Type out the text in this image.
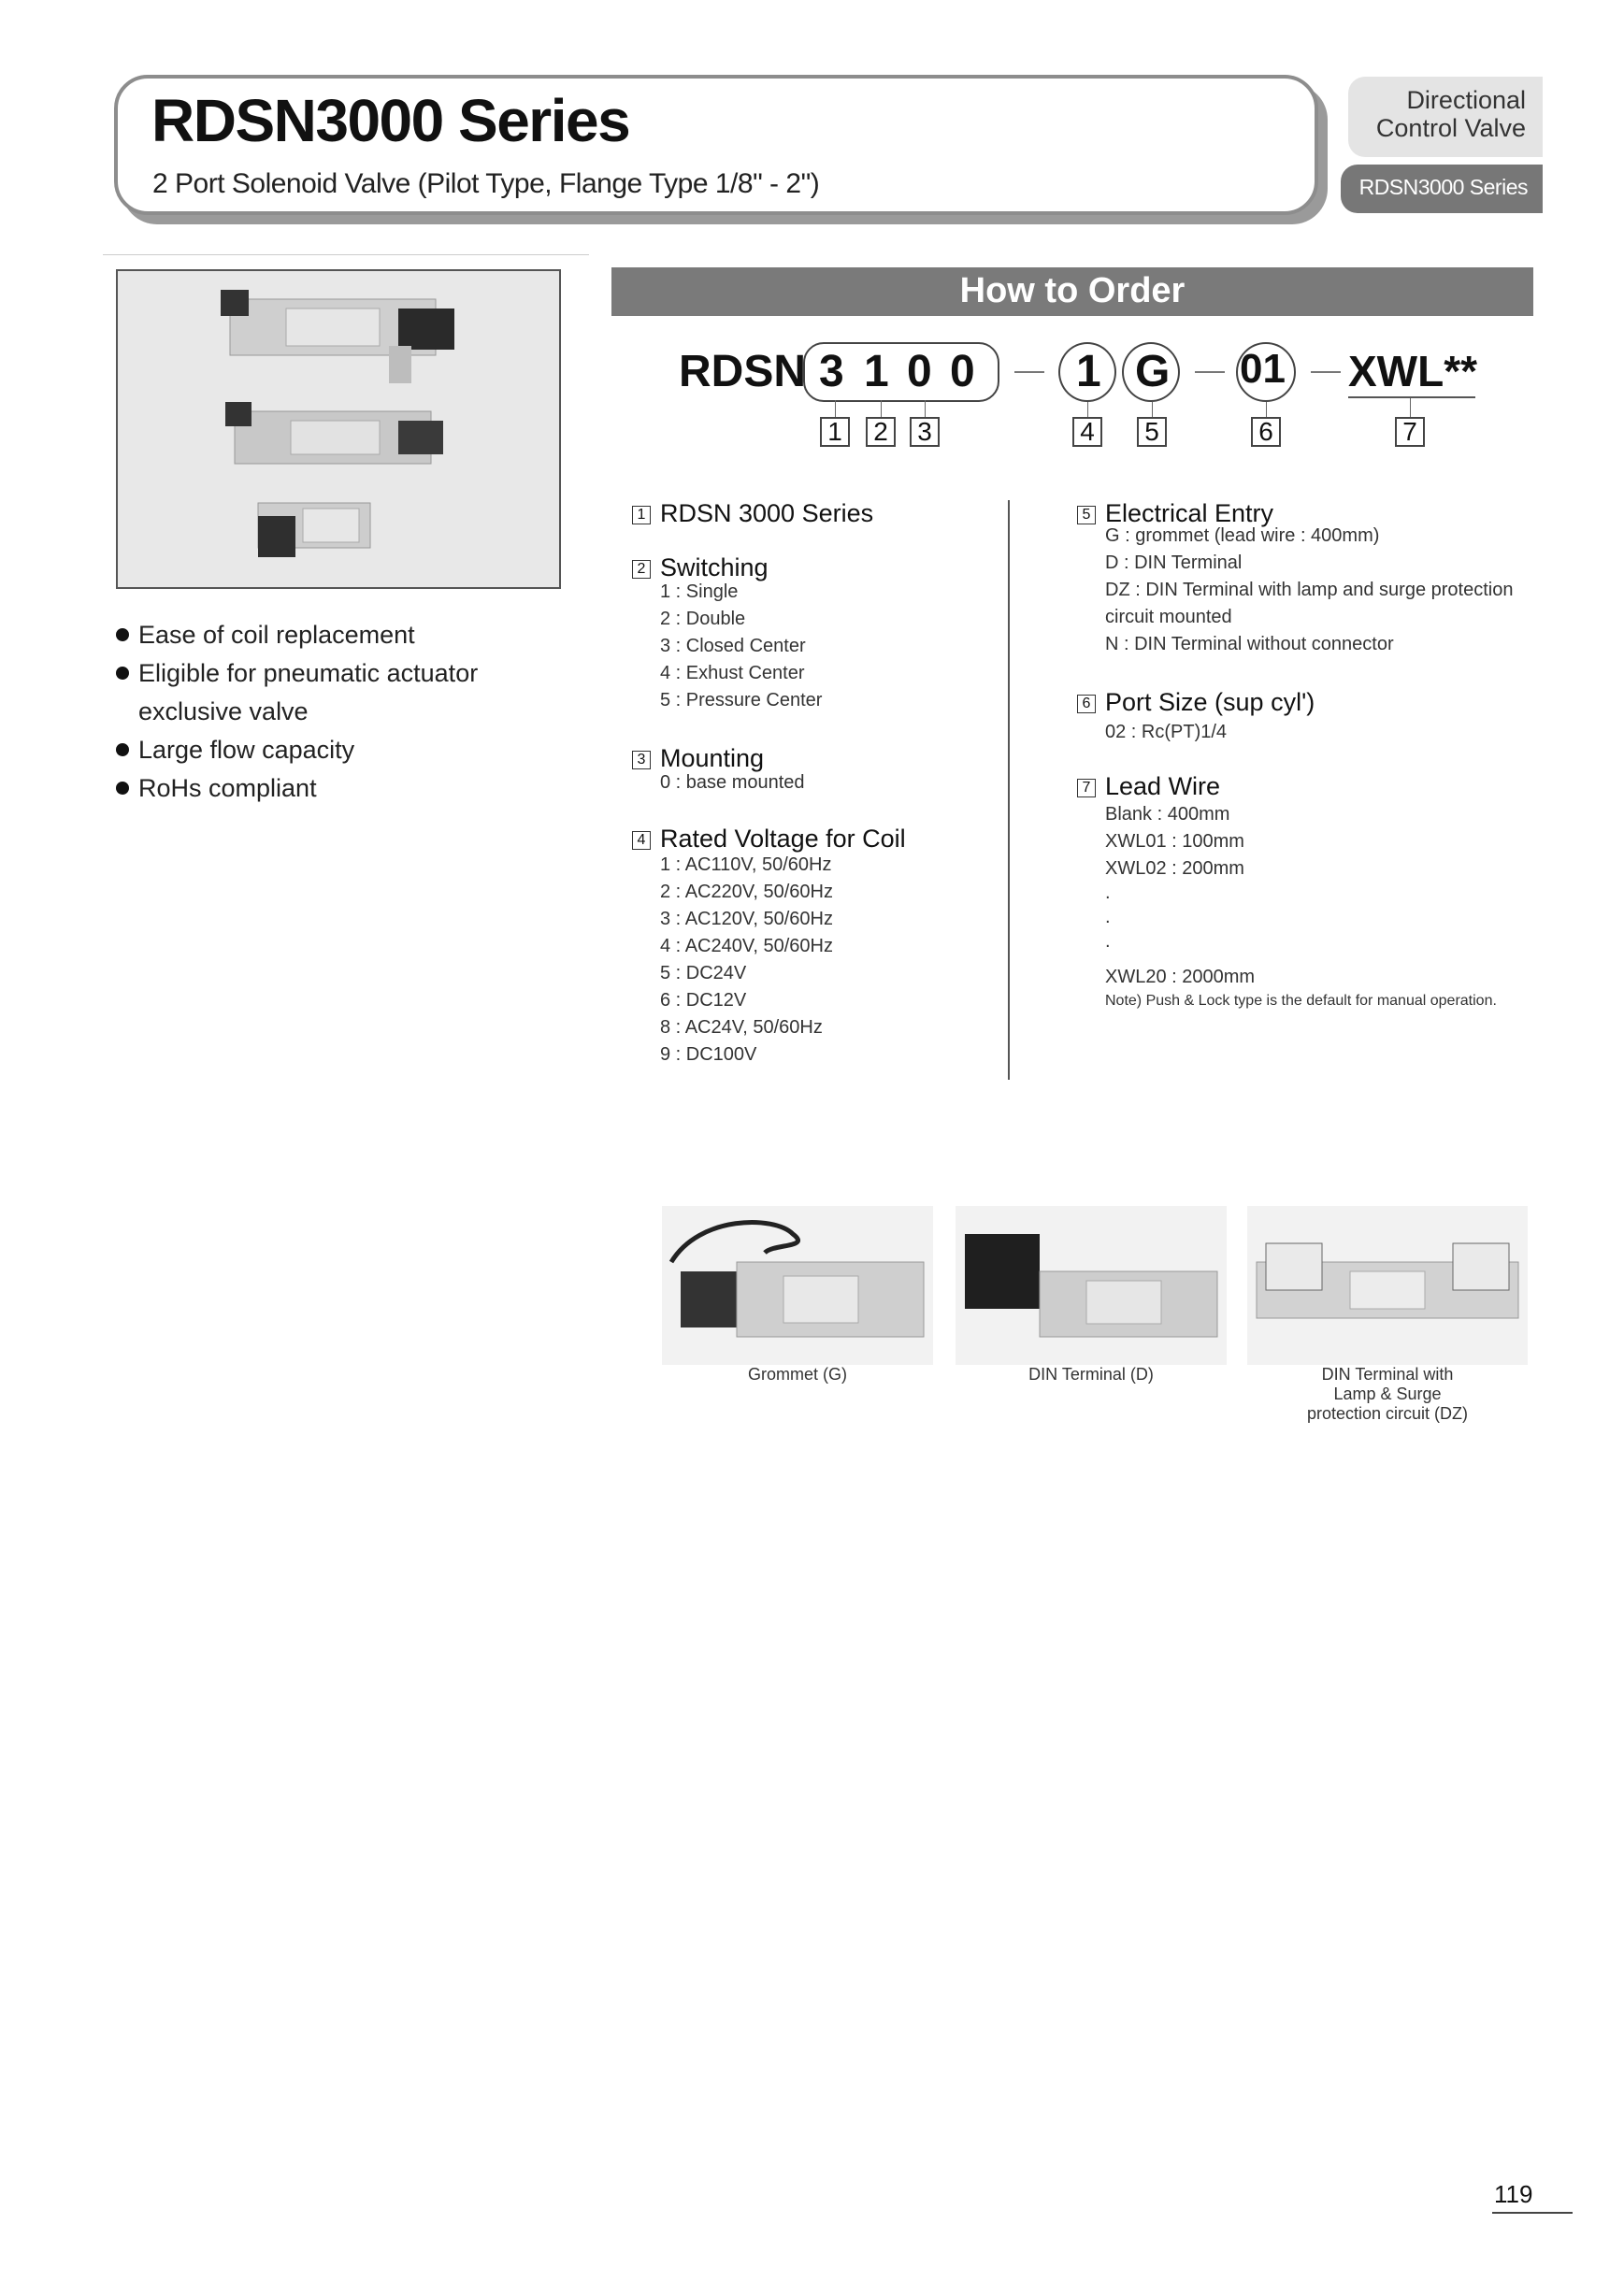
RDSN3000 Series
2 Port Solenoid Valve (Pilot Type, Flange Type 1/8" - 2")
Directional
Control Valve
RDSN3000 Series
Ease of coil replacement
Eligible for pneumatic actuator
exclusive valve
Large flow capacity
RoHs compliant
How to Order
RDSN 3 1 0 0 1 G 01 XWL**
1 2 3	4 5	6	7
1 RDSN 3000 Series
2 Switching
1 : Single
2 : Double
3 : Closed Center
4 : Exhust Center
5 : Pressure Center
3 Mounting
0 : base mounted
4 Rated Voltage for Coil
1 : AC110V, 50/60Hz
2 : AC220V, 50/60Hz
3 : AC120V, 50/60Hz
4 : AC240V, 50/60Hz
5 : DC24V
6 : DC12V
8 : AC24V, 50/60Hz
9 : DC100V
5 Electrical Entry
G : grommet (lead wire : 400mm)
D : DIN Terminal
DZ : DIN Terminal with lamp and surge protection
circuit mounted
N : DIN Terminal without connector
6 Port Size (sup cyl')
02 : Rc(PT)1/4
7 Lead Wire
Blank : 400mm
XWL01 : 100mm
XWL02 : 200mm
.
.
.
XWL20 : 2000mm
Note) Push & Lock type is the default for manual operation.
Grommet (G)	DIN Terminal (D)	DIN Terminal with
Lamp & Surge
protection circuit (DZ)
119
